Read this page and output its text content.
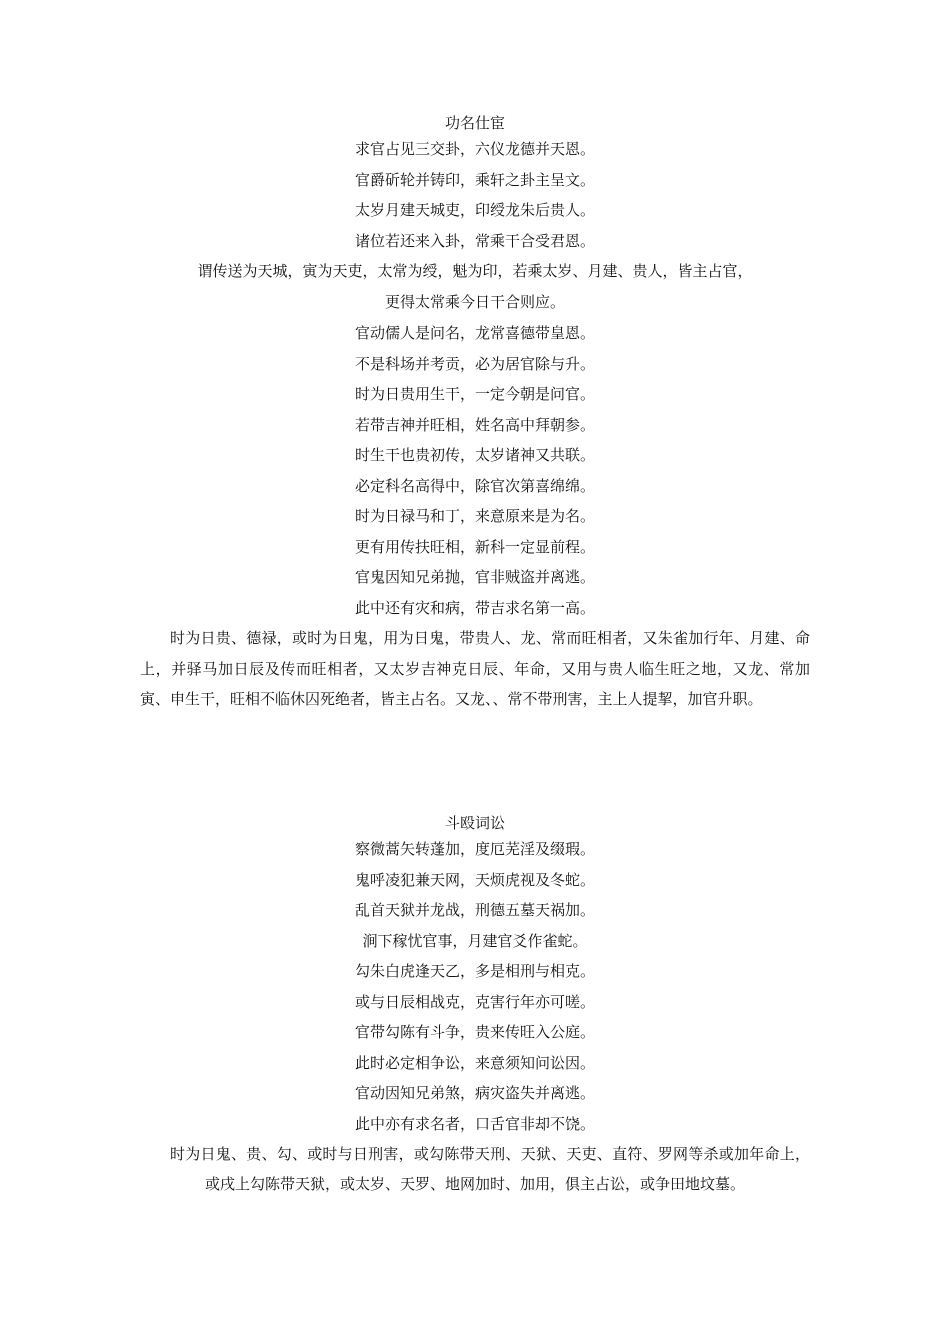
功名仕宦

求官占见三交卦，六仪龙德并天恩。

官爵斫轮并铸印，乘轩之卦主呈文。

太岁月建天城吏，印绶龙朱后贵人。

诸位若还来入卦，常乘干合受君恩。

谓传送为天城，寅为天吏，太常为绶，魁为印，若乘太岁、月建、贵人，皆主占官，

更得太常乘今日干合则应。

官动儒人是问名，龙常喜德带皇恩。

不是科场并考贡，必为居官除与升。

时为日贵用生干，一定今朝是问官。

若带吉神并旺相，姓名高中拜朝参。

时生干也贵初传，太岁诸神又共联。

必定科名高得中，除官次第喜绵绵。

时为日禄马和丁，来意原来是为名。

更有用传扶旺相，新科一定显前程。

官鬼因知兄弟抛，官非贼盗并离逃。

此中还有灾和病，带吉求名第一高。

时为日贵、德禄，或时为日鬼，用为日鬼，带贵人、龙、常而旺相者，又朱雀加行年、月建、命上，并驿马加日辰及传而旺相者，又太岁吉神克日辰、年命，又用与贵人临生旺之地，又龙、常加寅、申生干，旺相不临休囚死绝者，皆主占名。又龙、、常不带刑害，主上人提挈，加官升职。

斗殴词讼

察微蒿矢转蓬加，度厄芜淫及缀瑕。

鬼呼凌犯兼天网，天烦虎视及冬蛇。

乱首天狱并龙战，刑德五墓天祸加。

涧下稼忧官事，月建官爻作雀蛇。

勾朱白虎逢天乙，多是相刑与相克。

或与日辰相战克，克害行年亦可嗟。

官带勾陈有斗争，贵来传旺入公庭。

此时必定相争讼，来意须知问讼因。

官动因知兄弟煞，病灾盗失并离逃。

此中亦有求名者，口舌官非却不饶。

时为日鬼、贵、勾、或时与日刑害，或勾陈带天刑、天狱、天吏、直符、罗网等杀或加年命上，或戌上勾陈带天狱，或太岁、天罗、地网加时、加用，俱主占讼，或争田地坟墓。
